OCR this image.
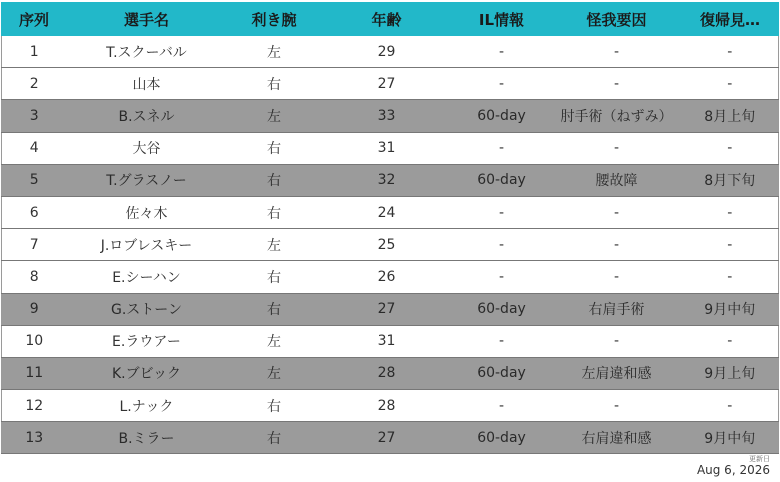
序列	選手名	利き腕	年齢	IL情報	怪我要因	復帰見…
1	T.スクーバル	左	29	-	-	-
2	山本	右	27	-	-	-
3	B.スネル	左	33	60-day	肘手術（ねずみ）	8月上旬
4	大谷	右	31	-	-	-
5	T.グラスノー	右	32	60-day	腰故障	8月下旬
6	佐々木	右	24	-	-	-
7	J.ロブレスキー	左	25	-	-	-
8	E.シーハン	右	26	-	-	-
9	G.ストーン	右	27	60-day	右肩手術	9月中旬
10	E.ラウアー	左	31	-	-	-
11	K.ブビック	左	28	60-day	左肩違和感	9月上旬
12	L.ナック	右	28	-	-	-
13	B.ミラー	右	27	60-day	右肩違和感	9月中旬
更新日
Aug 6, 2026
